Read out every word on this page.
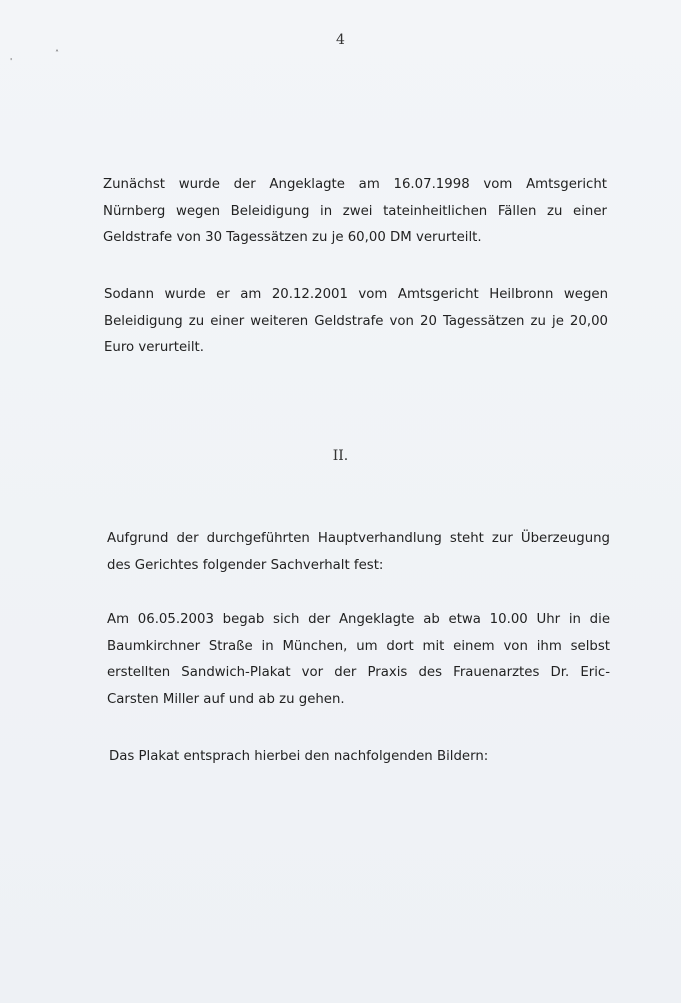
4
'
˄
Zunächst wurde der Angeklagte am 16.07.1998 vom Amtsgericht
Nürnberg wegen Beleidigung in zwei tateinheitlichen Fällen zu einer
Geldstrafe von 30 Tagessätzen zu je 60,00 DM verurteilt.
Sodann wurde er am 20.12.2001 vom Amtsgericht Heilbronn wegen
Beleidigung zu einer weiteren Geldstrafe von 20 Tagessätzen zu je 20,00
Euro verurteilt.
II.
Aufgrund der durchgeführten Hauptverhandlung steht zur Überzeugung
des Gerichtes folgender Sachverhalt fest:
Am 06.05.2003 begab sich der Angeklagte ab etwa 10.00 Uhr in die
Baumkirchner Straße in München, um dort mit einem von ihm selbst
erstellten Sandwich-Plakat vor der Praxis des Frauenarztes Dr. Eric-
Carsten Miller auf und ab zu gehen.
Das Plakat entsprach hierbei den nachfolgenden Bildern:
